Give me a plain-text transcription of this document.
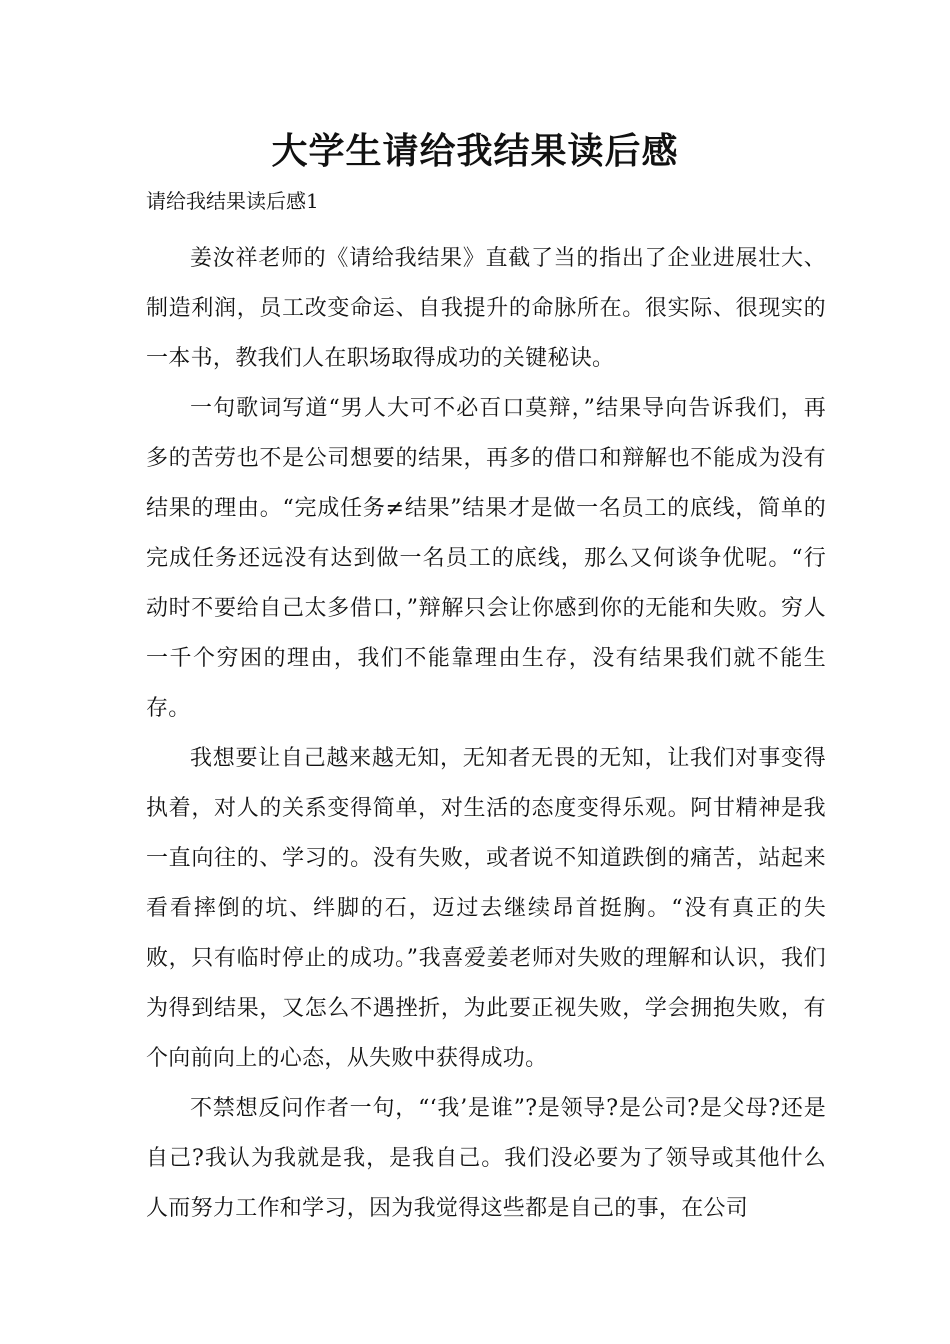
大学生请给我结果读后感

请给我结果读后感1

姜汝祥老师的《请给我结果》直截了当的指出了企业进展壮大、制造利润，员工改变命运、自我提升的命脉所在。很实际、很现实的一本书，教我们人在职场取得成功的关键秘诀。

一句歌词写道“男人大可不必百口莫辩，”结果导向告诉我们，再多的苦劳也不是公司想要的结果，再多的借口和辩解也不能成为没有结果的理由。“完成任务≠结果”结果才是做一名员工的底线，简单的完成任务还远没有达到做一名员工的底线，那么又何谈争优呢。“行动时不要给自己太多借口，”辩解只会让你感到你的无能和失败。穷人一千个穷困的理由，我们不能靠理由生存，没有结果我们就不能生存。

我想要让自己越来越无知，无知者无畏的无知，让我们对事变得执着，对人的关系变得简单，对生活的态度变得乐观。阿甘精神是我一直向往的、学习的。没有失败，或者说不知道跌倒的痛苦，站起来看看摔倒的坑、绊脚的石，迈过去继续昂首挺胸。“没有真正的失败，只有临时停止的成功。”我喜爱姜老师对失败的理解和认识，我们为得到结果，又怎么不遇挫折，为此要正视失败，学会拥抱失败，有个向前向上的心态，从失败中获得成功。

不禁想反问作者一句，“‘我’是谁”?是领导?是公司?是父母?还是自己?我认为我就是我，是我自己。我们没必要为了领导或其他什么人而努力工作和学习，因为我觉得这些都是自己的事，在公司
